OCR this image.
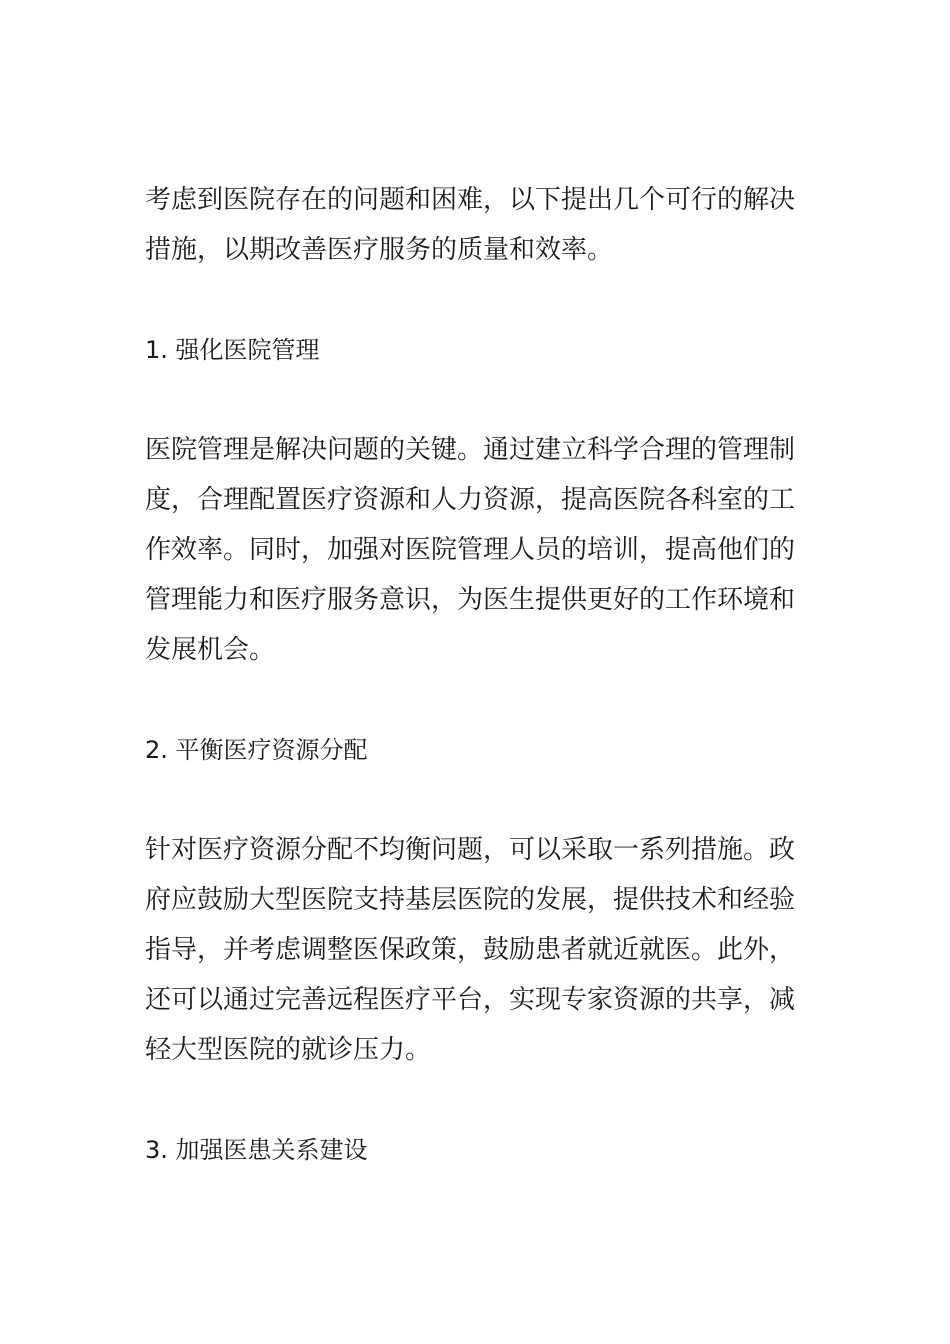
考虑到医院存在的问题和困难，以下提出几个可行的解决措施，以期改善医疗服务的质量和效率。

1. 强化医院管理

医院管理是解决问题的关键。通过建立科学合理的管理制度，合理配置医疗资源和人力资源，提高医院各科室的工作效率。同时，加强对医院管理人员的培训，提高他们的管理能力和医疗服务意识，为医生提供更好的工作环境和发展机会。

2. 平衡医疗资源分配

针对医疗资源分配不均衡问题，可以采取一系列措施。政府应鼓励大型医院支持基层医院的发展，提供技术和经验指导，并考虑调整医保政策，鼓励患者就近就医。此外，还可以通过完善远程医疗平台，实现专家资源的共享，减轻大型医院的就诊压力。

3. 加强医患关系建设
